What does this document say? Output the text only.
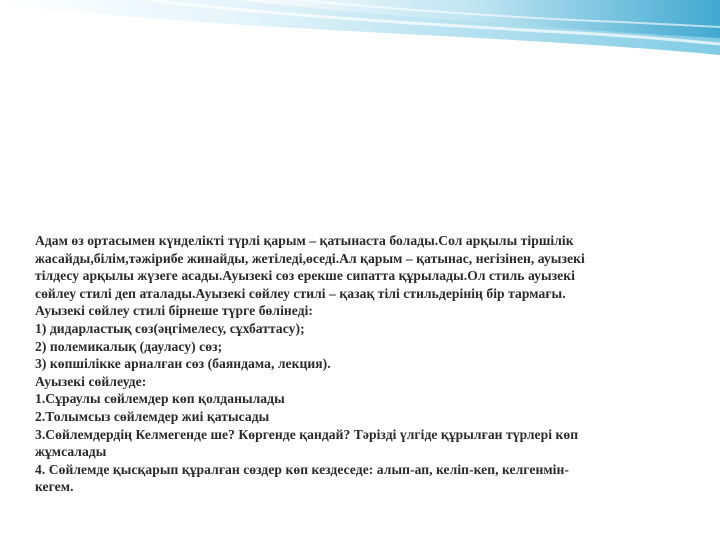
Адам өз ортасымен күнделікті түрлі қарым – қатынаста болады.Сол арқылы тіршілік

жасайды,білім,тәжірибе жинайды, жетіледі,өседі.Ал қарым – қатынас, негізінен, ауызекі

тілдесу арқылы жүзеге асады.Ауызекі сөз ерекше сипатта құрылады.Ол стиль ауызекі

сөйлеу стилі деп аталады.Ауызекі сөйлеу стилі – қазақ тілі стильдерінің бір тармағы.

Ауызекі сөйлеу стилі бірнеше түрге бөлінеді:

1) дидарластық сөз(әңгімелесу, сұхбаттасу);

2) полемикалық (дауласу) сөз;

3) көпшілікке арналған сөз (баяндама, лекция).

Ауызекі сөйлеуде:

1.Сұраулы сөйлемдер көп қолданылады

2.Толымсыз сөйлемдер жиі қатысады

3.Сөйлемдердің Келмегенде ше? Көргенде қандай? Тәрізді үлгіде құрылған түрлері көп

жұмсалады

4. Сөйлемде қысқарып құралған сөздер көп кездеседе: алып-ап, келіп-кеп, келгенмін-

кегем.
